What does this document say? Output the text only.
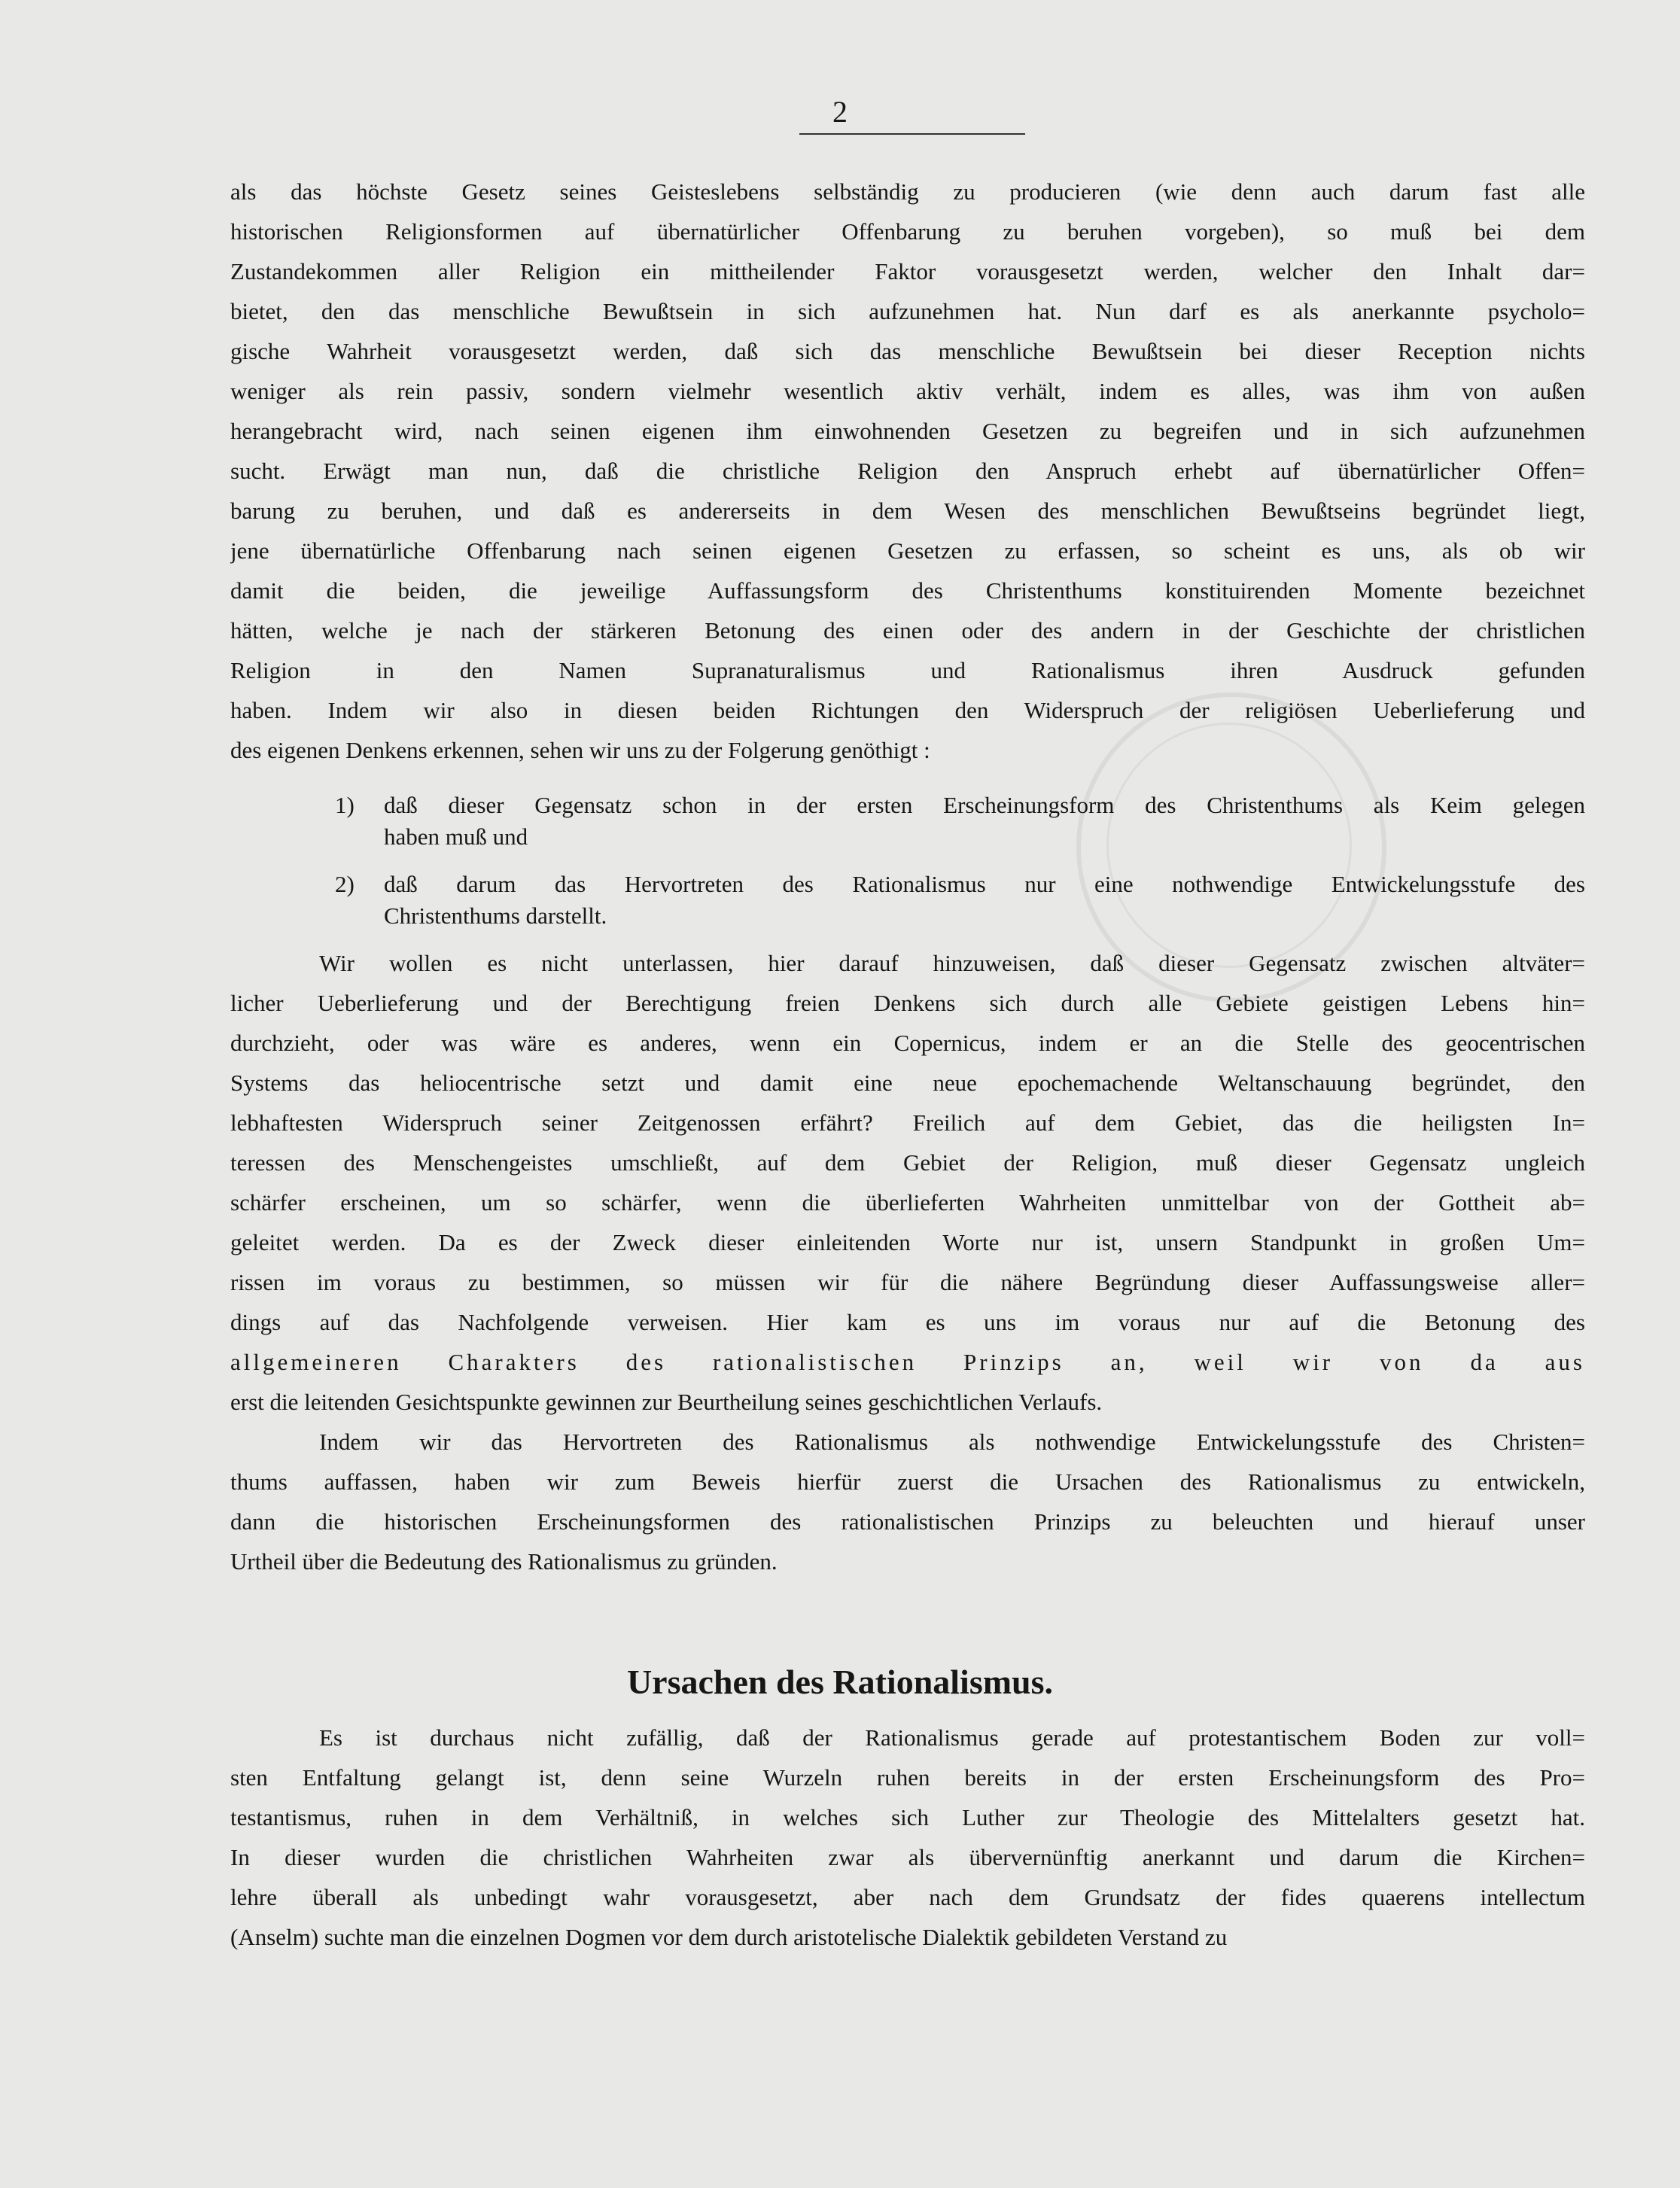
2
als das höchste Gesetz seines Geisteslebens selbständig zu producieren (wie denn auch darum fast alle
historischen Religionsformen auf übernatürlicher Offenbarung zu beruhen vorgeben), so muß bei dem
Zustandekommen aller Religion ein mittheilender Faktor vorausgesetzt werden, welcher den Inhalt dar=
bietet, den das menschliche Bewußtsein in sich aufzunehmen hat. Nun darf es als anerkannte psycholo=
gische Wahrheit vorausgesetzt werden, daß sich das menschliche Bewußtsein bei dieser Reception nichts
weniger als rein passiv, sondern vielmehr wesentlich aktiv verhält, indem es alles, was ihm von außen
herangebracht wird, nach seinen eigenen ihm einwohnenden Gesetzen zu begreifen und in sich aufzunehmen
sucht. Erwägt man nun, daß die christliche Religion den Anspruch erhebt auf übernatürlicher Offen=
barung zu beruhen, und daß es andererseits in dem Wesen des menschlichen Bewußtseins begründet liegt,
jene übernatürliche Offenbarung nach seinen eigenen Gesetzen zu erfassen, so scheint es uns, als ob wir
damit die beiden, die jeweilige Auffassungsform des Christenthums konstituirenden Momente bezeichnet
hätten, welche je nach der stärkeren Betonung des einen oder des andern in der Geschichte der christlichen
Religion in den Namen Supranaturalismus und Rationalismus ihren Ausdruck gefunden
haben. Indem wir also in diesen beiden Richtungen den Widerspruch der religiösen Ueberlieferung und
des eigenen Denkens erkennen, sehen wir uns zu der Folgerung genöthigt :
1) daß dieser Gegensatz schon in der ersten Erscheinungsform des Christenthums als Keim gelegen
haben muß und
2) daß darum das Hervortreten des Rationalismus nur eine nothwendige Entwickelungsstufe des
Christenthums darstellt.
Wir wollen es nicht unterlassen, hier darauf hinzuweisen, daß dieser Gegensatz zwischen altväter=
licher Ueberlieferung und der Berechtigung freien Denkens sich durch alle Gebiete geistigen Lebens hin=
durchzieht, oder was wäre es anderes, wenn ein Copernicus, indem er an die Stelle des geocentrischen
Systems das heliocentrische setzt und damit eine neue epochemachende Weltanschauung begründet, den
lebhaftesten Widerspruch seiner Zeitgenossen erfährt? Freilich auf dem Gebiet, das die heiligsten In=
teressen des Menschengeistes umschließt, auf dem Gebiet der Religion, muß dieser Gegensatz ungleich
schärfer erscheinen, um so schärfer, wenn die überlieferten Wahrheiten unmittelbar von der Gottheit ab=
geleitet werden. Da es der Zweck dieser einleitenden Worte nur ist, unsern Standpunkt in großen Um=
rissen im voraus zu bestimmen, so müssen wir für die nähere Begründung dieser Auffassungsweise aller=
dings auf das Nachfolgende verweisen. Hier kam es uns im voraus nur auf die Betonung des
allgemeineren Charakters des rationalistischen Prinzips an, weil wir von da aus
erst die leitenden Gesichtspunkte gewinnen zur Beurtheilung seines geschichtlichen Verlaufs.
Indem wir das Hervortreten des Rationalismus als nothwendige Entwickelungsstufe des Christen=
thums auffassen, haben wir zum Beweis hierfür zuerst die Ursachen des Rationalismus zu entwickeln,
dann die historischen Erscheinungsformen des rationalistischen Prinzips zu beleuchten und hierauf unser
Urtheil über die Bedeutung des Rationalismus zu gründen.
Ursachen des Rationalismus.
Es ist durchaus nicht zufällig, daß der Rationalismus gerade auf protestantischem Boden zur voll=
sten Entfaltung gelangt ist, denn seine Wurzeln ruhen bereits in der ersten Erscheinungsform des Pro=
testantismus, ruhen in dem Verhältniß, in welches sich Luther zur Theologie des Mittelalters gesetzt hat.
In dieser wurden die christlichen Wahrheiten zwar als übervernünftig anerkannt und darum die Kirchen=
lehre überall als unbedingt wahr vorausgesetzt, aber nach dem Grundsatz der fides quaerens intellectum
(Anselm) suchte man die einzelnen Dogmen vor dem durch aristotelische Dialektik gebildeten Verstand zu
